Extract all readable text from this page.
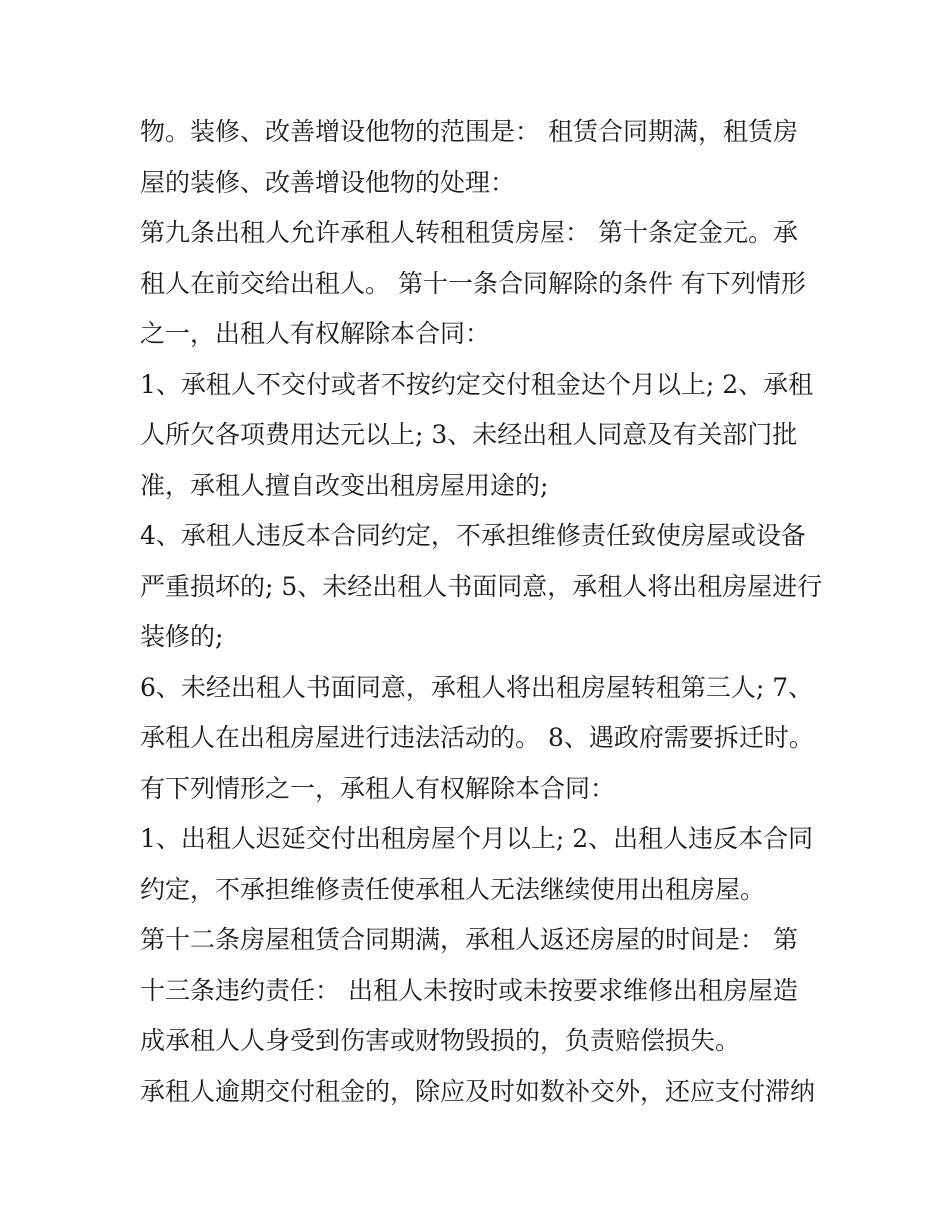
物。装修、改善增设他物的范围是： 租赁合同期满，租赁房
屋的装修、改善增设他物的处理：
第九条出租人允许承租人转租租赁房屋： 第十条定金元。承
租人在前交给出租人。 第十一条合同解除的条件 有下列情形
之一，出租人有权解除本合同：
1、承租人不交付或者不按约定交付租金达个月以上; 2、承租
人所欠各项费用达元以上; 3、未经出租人同意及有关部门批
准，承租人擅自改变出租房屋用途的;
4、承租人违反本合同约定，不承担维修责任致使房屋或设备
严重损坏的; 5、未经出租人书面同意，承租人将出租房屋进行
装修的;
6、未经出租人书面同意，承租人将出租房屋转租第三人; 7、
承租人在出租房屋进行违法活动的。 8、遇政府需要拆迁时。
有下列情形之一，承租人有权解除本合同：
1、出租人迟延交付出租房屋个月以上; 2、出租人违反本合同
约定，不承担维修责任使承租人无法继续使用出租房屋。
第十二条房屋租赁合同期满，承租人返还房屋的时间是： 第
十三条违约责任： 出租人未按时或未按要求维修出租房屋造
成承租人人身受到伤害或财物毁损的，负责赔偿损失。
承租人逾期交付租金的，除应及时如数补交外，还应支付滞纳
